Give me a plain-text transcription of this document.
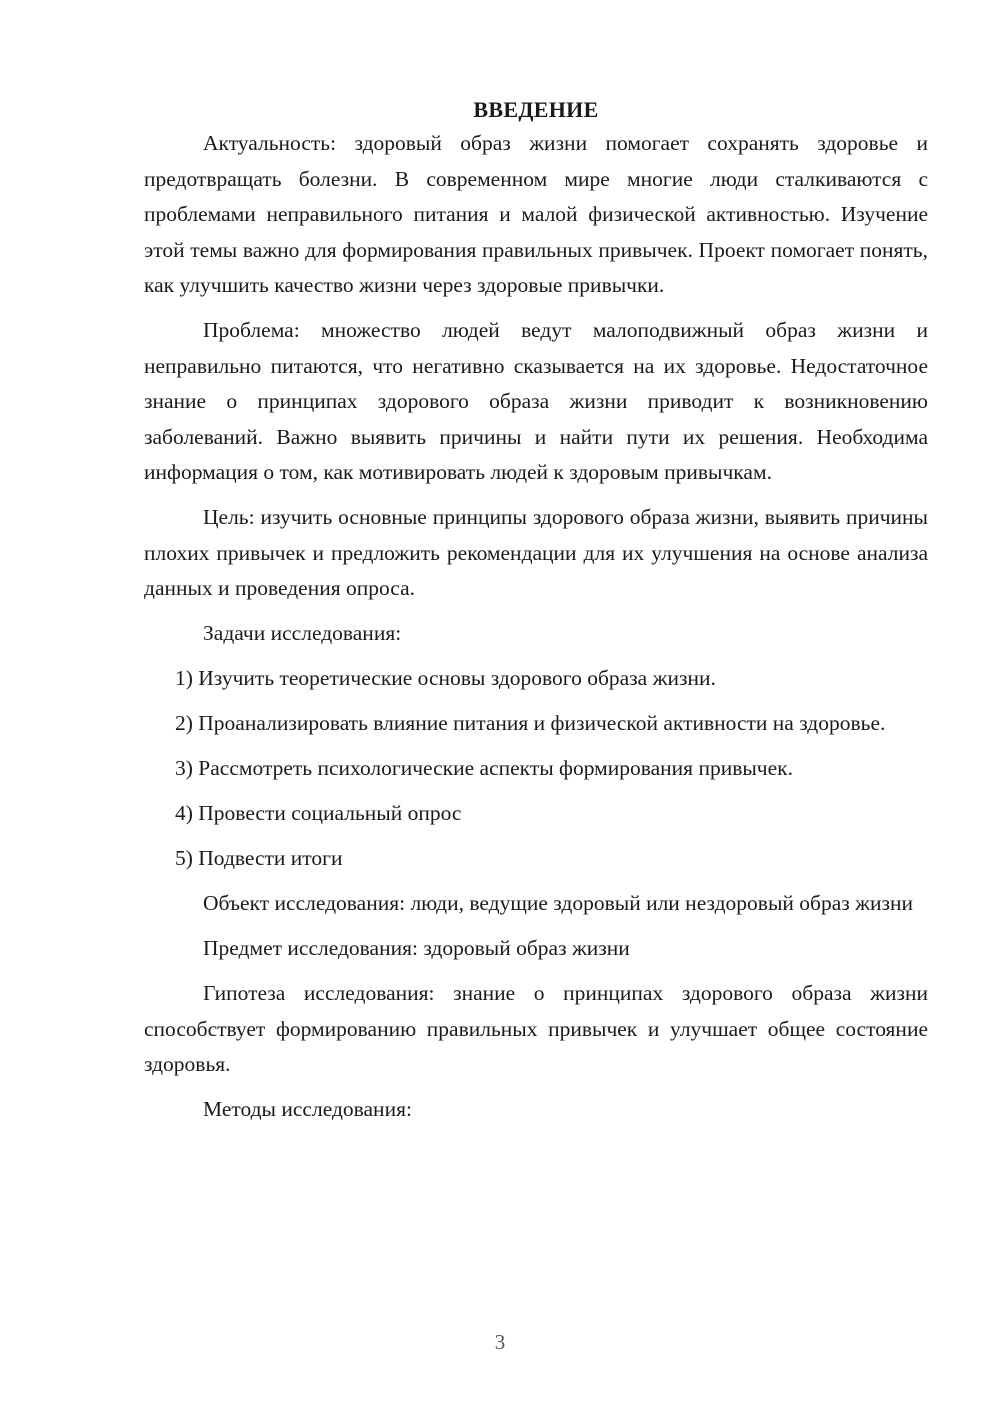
ВВЕДЕНИЕ

Актуальность: здоровый образ жизни помогает сохранять здоровье и предотвращать болезни. В современном мире многие люди сталкиваются с проблемами неправильного питания и малой физической активностью. Изучение этой темы важно для формирования правильных привычек. Проект помогает понять, как улучшить качество жизни через здоровые привычки.

Проблема: множество людей ведут малоподвижный образ жизни и неправильно питаются, что негативно сказывается на их здоровье. Недостаточное знание о принципах здорового образа жизни приводит к возникновению заболеваний. Важно выявить причины и найти пути их решения. Необходима информация о том, как мотивировать людей к здоровым привычкам.

Цель: изучить основные принципы здорового образа жизни, выявить причины плохих привычек и предложить рекомендации для их улучшения на основе анализа данных и проведения опроса.

Задачи исследования:

1) Изучить теоретические основы здорового образа жизни.

2) Проанализировать влияние питания и физической активности на здоровье.

3) Рассмотреть психологические аспекты формирования привычек.

4) Провести социальный опрос

5) Подвести итоги

Объект исследования: люди, ведущие здоровый или нездоровый образ жизни

Предмет исследования: здоровый образ жизни

Гипотеза исследования: знание о принципах здорового образа жизни способствует формированию правильных привычек и улучшает общее состояние здоровья.

Методы исследования:

3
